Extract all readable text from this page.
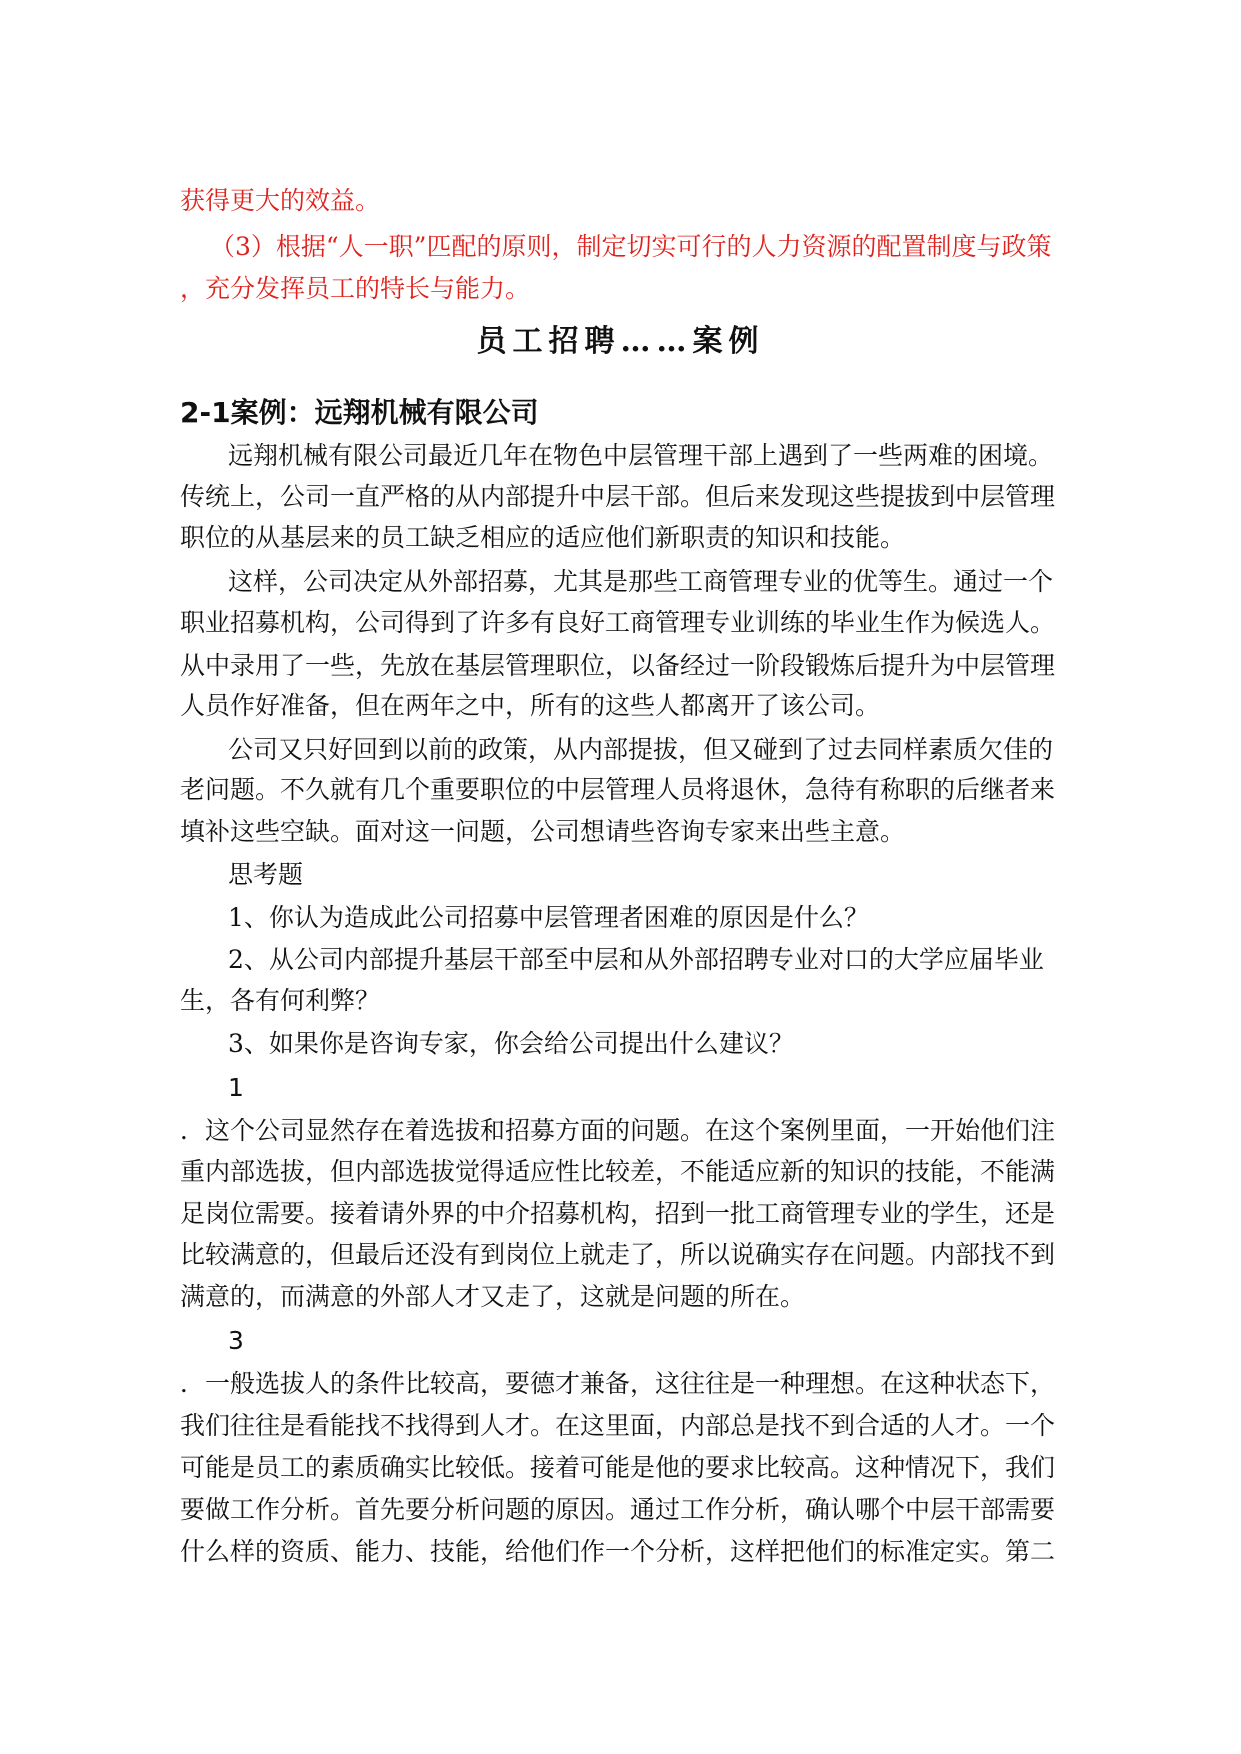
获得更大的效益。
（3）根据“人一职”匹配的原则，制定切实可行的人力资源的配置制度与政策
，充分发挥员工的特长与能力。
员工招聘……案例
2-1案例：远翔机械有限公司
远翔机械有限公司最近几年在物色中层管理干部上遇到了一些两难的困境。
传统上，公司一直严格的从内部提升中层干部。但后来发现这些提拔到中层管理
职位的从基层来的员工缺乏相应的适应他们新职责的知识和技能。
这样，公司决定从外部招募，尤其是那些工商管理专业的优等生。通过一个
职业招募机构，公司得到了许多有良好工商管理专业训练的毕业生作为候选人。
从中录用了一些，先放在基层管理职位，以备经过一阶段锻炼后提升为中层管理
人员作好准备，但在两年之中，所有的这些人都离开了该公司。
公司又只好回到以前的政策，从内部提拔，但又碰到了过去同样素质欠佳的
老问题。不久就有几个重要职位的中层管理人员将退休，急待有称职的后继者来
填补这些空缺。面对这一问题，公司想请些咨询专家来出些主意。
思考题
1、你认为造成此公司招募中层管理者困难的原因是什么？
2、从公司内部提升基层干部至中层和从外部招聘专业对口的大学应届毕业
生，各有何利弊？
3、如果你是咨询专家，你会给公司提出什么建议？
1
．这个公司显然存在着选拔和招募方面的问题。在这个案例里面，一开始他们注
重内部选拔，但内部选拔觉得适应性比较差，不能适应新的知识的技能，不能满
足岗位需要。接着请外界的中介招募机构，招到一批工商管理专业的学生，还是
比较满意的，但最后还没有到岗位上就走了，所以说确实存在问题。内部找不到
满意的，而满意的外部人才又走了，这就是问题的所在。
3
．一般选拔人的条件比较高，要德才兼备，这往往是一种理想。在这种状态下，
我们往往是看能找不找得到人才。在这里面，内部总是找不到合适的人才。一个
可能是员工的素质确实比较低。接着可能是他的要求比较高。这种情况下，我们
要做工作分析。首先要分析问题的原因。通过工作分析，确认哪个中层干部需要
什么样的资质、能力、技能，给他们作一个分析，这样把他们的标准定实。第二
